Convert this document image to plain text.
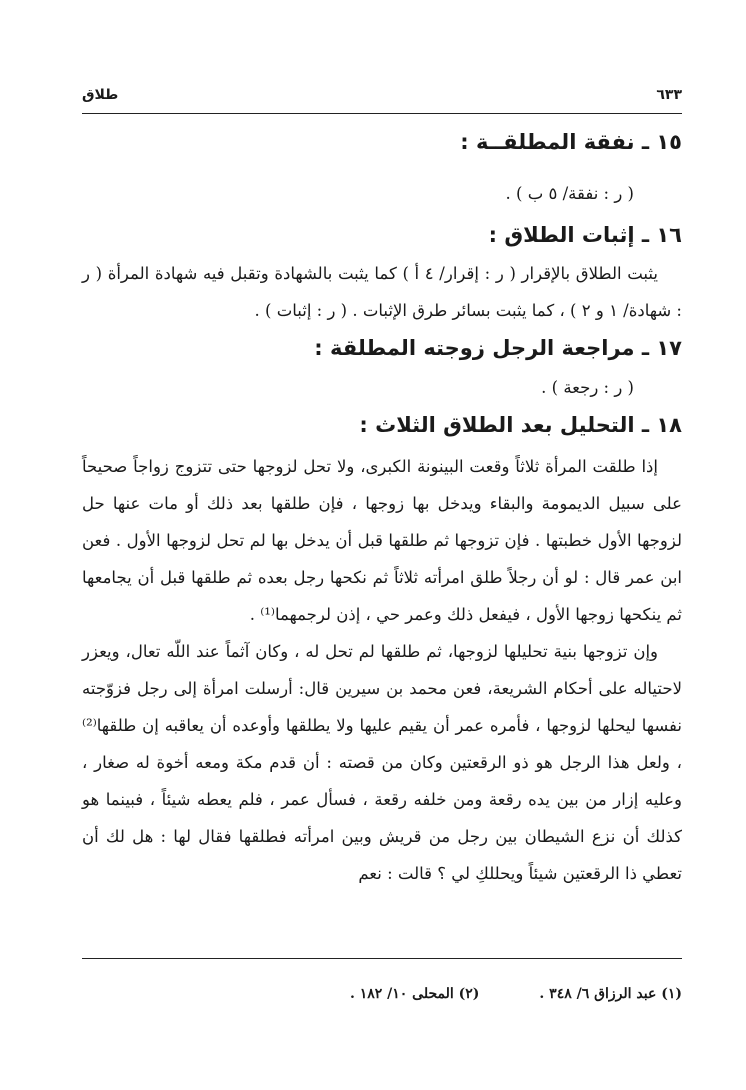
٦٣٣
طلاق
١٥ ـ نفقة المطلقــة :

( ر : نفقة/ ٥ ب ) .

١٦ ـ إثبات الطلاق :

يثبت الطلاق بالإقرار ( ر : إقرار/ ٤ أ ) كما يثبت بالشهادة وتقبل فيه شهادة المرأة ( ر : شهادة/ ١ و ٢ ) ، كما يثبت بسائر طرق الإثبات . ( ر : إثبات ) .

١٧ ـ مراجعة الرجل زوجته المطلقة :

( ر : رجعة ) .

١٨ ـ التحليل بعد الطلاق الثلاث :

إذا طلقت المرأة ثلاثاً وقعت البينونة الكبرى، ولا تحل لزوجها حتى تتزوج زواجاً صحيحاً على سبيل الديمومة والبقاء ويدخل بها زوجها ، فإن طلقها بعد ذلك أو مات عنها حل لزوجها الأول خطبتها . فإن تزوجها ثم طلقها قبل أن يدخل بها لم تحل لزوجها الأول . فعن ابن عمر قال : لو أن رجلاً طلق امرأته ثلاثاً ثم نكحها رجل بعده ثم طلقها قبل أن يجامعها ثم ينكحها زوجها الأول ، فيفعل ذلك وعمر حي ، إذن لرجمهما⁽¹⁾ .

وإن تزوجها بنية تحليلها لزوجها، ثم طلقها لم تحل له ، وكان آثماً عند اللّه تعال، ويعزر لاحتياله على أحكام الشريعة، فعن محمد بن سيرين قال: أرسلت امرأة إلى رجل فزوّجته نفسها ليحلها لزوجها ، فأمره عمر أن يقيم عليها ولا يطلقها وأوعده أن يعاقبه إن طلقها⁽²⁾ ، ولعل هذا الرجل هو ذو الرقعتين وكان من قصته : أن قدم مكة ومعه أخوة له صغار ، وعليه إزار من بين يده رقعة ومن خلفه رقعة ، فسأل عمر ، فلم يعطه شيئاً ، فبينما هو كذلك أن نزع الشيطان بين رجل من قريش وبين امرأته فطلقها فقال لها : هل لك أن تعطي ذا الرقعتين شيئاً ويحللكِ لي ؟ قالت : نعم

(١) عبد الرزاق ٦/ ٣٤٨ .
(٢) المحلى ١٠/ ١٨٢ .
